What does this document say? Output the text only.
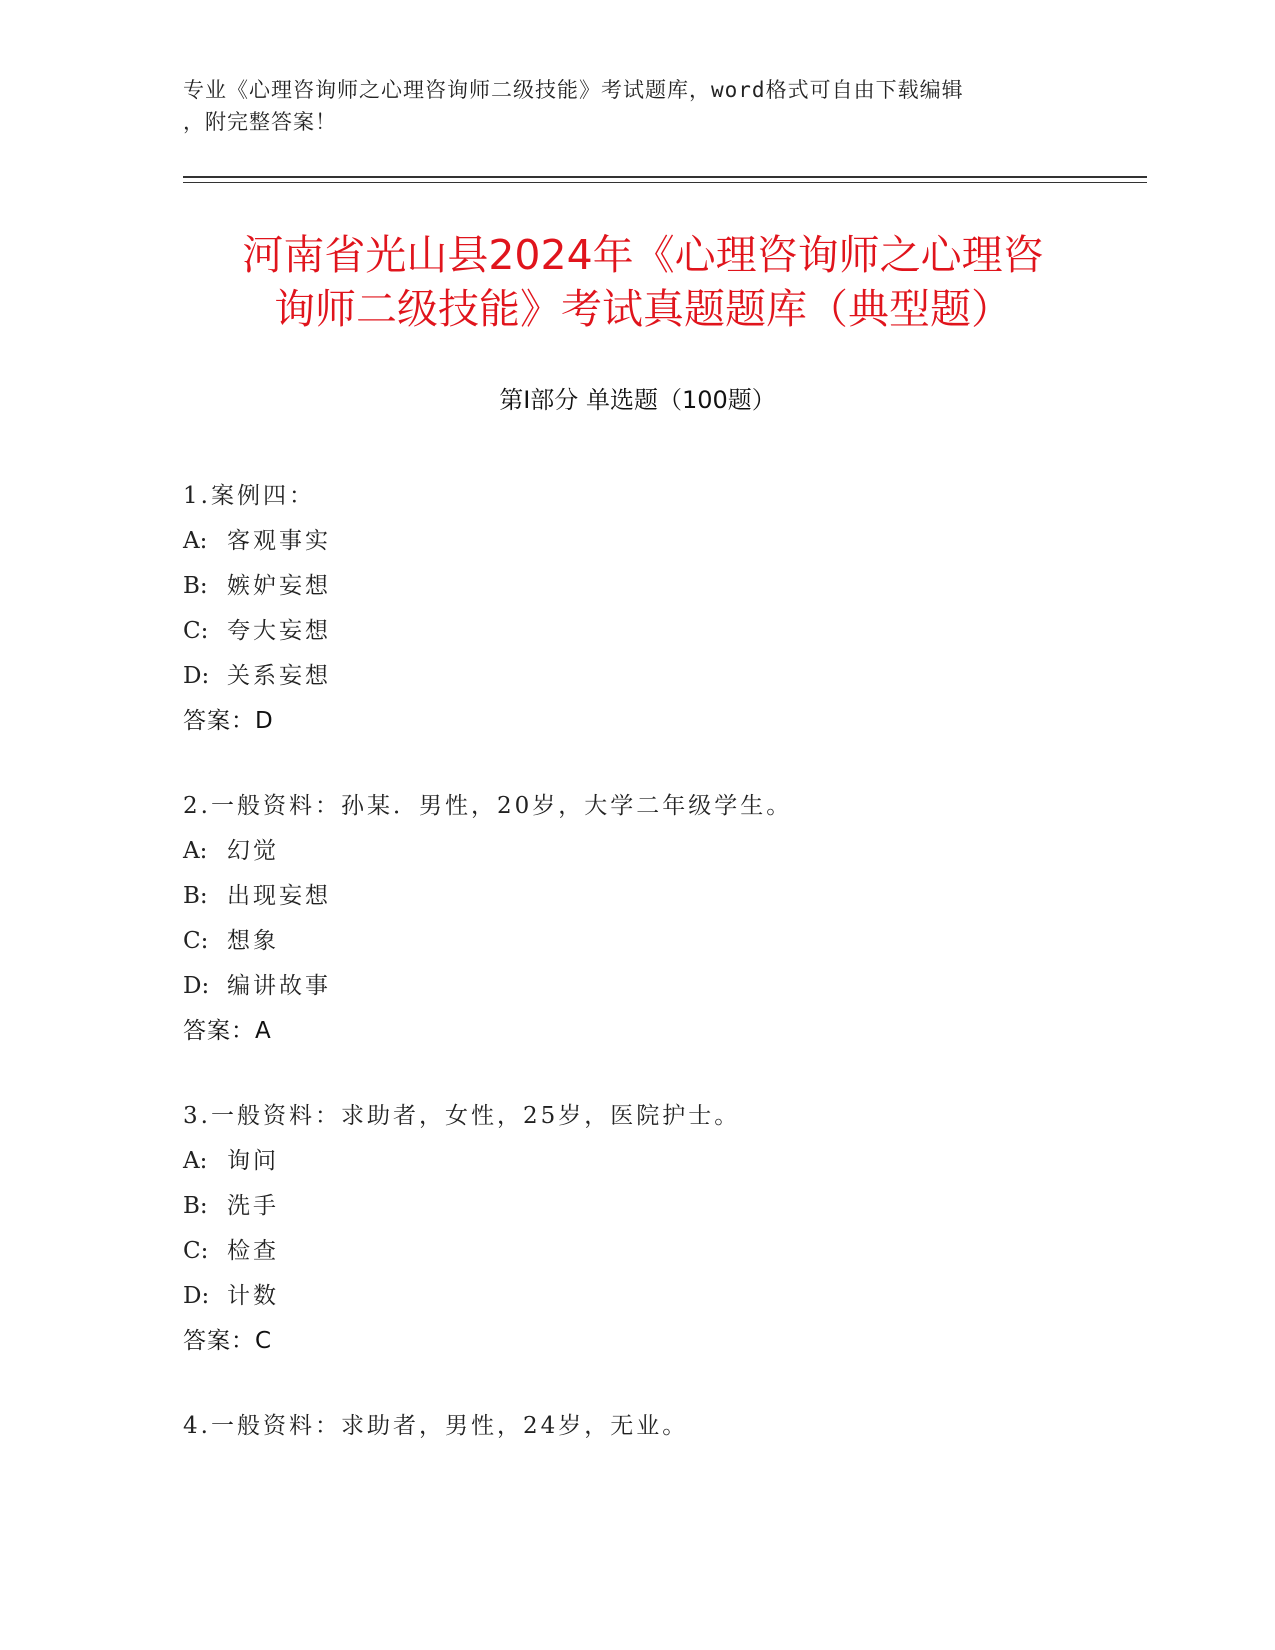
专业《心理咨询师之心理咨询师二级技能》考试题库，word格式可自由下载编辑
，附完整答案！
河南省光山县2024年《心理咨询师之心理咨
询师二级技能》考试真题题库（典型题）
第Ⅰ部分 单选题（100题）
1.案例四：
A: 客观事实
B: 嫉妒妄想
C: 夸大妄想
D: 关系妄想
答案：D
2.一般资料：孙某．男性，20岁，大学二年级学生。
A: 幻觉
B: 出现妄想
C: 想象
D: 编讲故事
答案：A
3.一般资料：求助者，女性，25岁，医院护士。
A: 询问
B: 洗手
C: 检查
D: 计数
答案：C
4.一般资料：求助者，男性，24岁，无业。
